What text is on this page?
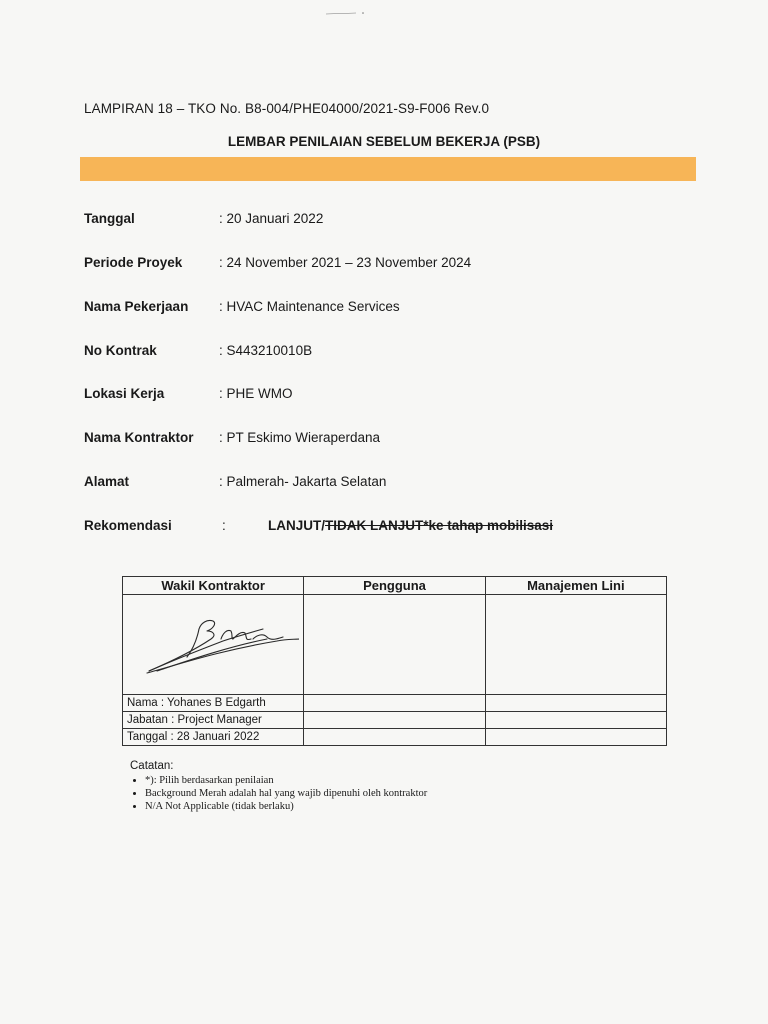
LAMPIRAN 18 – TKO No. B8-004/PHE04000/2021-S9-F006 Rev.0
LEMBAR PENILAIAN SEBELUM BEKERJA (PSB)
Tanggal	: 20 Januari 2022
Periode Proyek	: 24 November 2021 – 23 November 2024
Nama Pekerjaan : HVAC Maintenance Services
No Kontrak	: S443210010B
Lokasi Kerja	: PHE WMO
Nama Kontraktor : PT Eskimo Wieraperdana
Alamat	: Palmerah- Jakarta Selatan
Rekomendasi	:	LANJUT/TIDAK LANJUT*ke tahap mobilisasi
Wakil Kontraktor	Pengguna	Manajemen Lini

Nama : Yohanes B Edgarth		
Jabatan : Project Manager		
Tanggal : 28 Januari 2022		
Catatan:
• *): Pilih berdasarkan penilaian
• Background Merah adalah hal yang wajib dipenuhi oleh kontraktor
• N/A Not Applicable (tidak berlaku)
